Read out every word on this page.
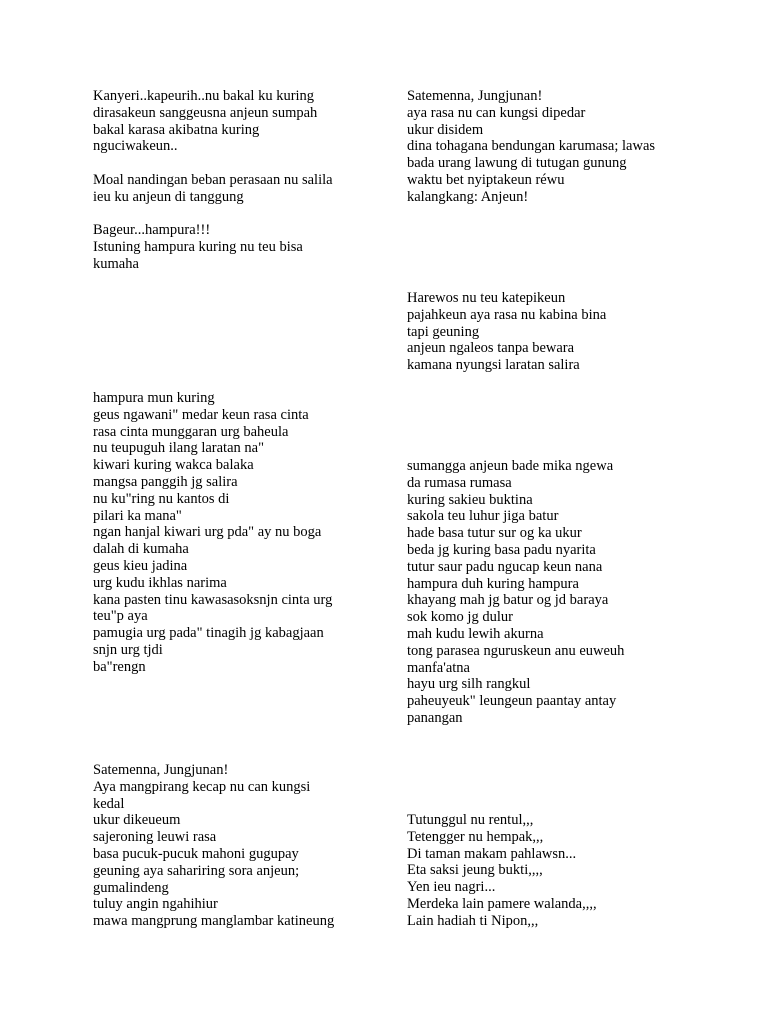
Kanyeri..kapeurih..nu bakal ku kuring
dirasakeun sanggeusna anjeun sumpah
bakal karasa akibatna kuring
nguciwakeun..

Moal nandingan beban perasaan nu salila
ieu ku anjeun di tanggung

Bageur...hampura!!!
Istuning hampura kuring nu teu bisa
kumaha

hampura mun kuring
geus ngawani" medar keun rasa cinta
rasa cinta munggaran urg baheula
nu teupuguh ilang laratan na"
kiwari kuring wakca balaka
mangsa panggih jg salira
nu ku"ring nu kantos di
pilari ka mana"
ngan hanjal kiwari urg pda" ay nu boga
dalah di kumaha
geus kieu jadina
urg kudu ikhlas narima
kana pasten tinu kawasasoksnjn cinta urg
teu"p aya
pamugia urg pada" tinagih jg kabagjaan
snjn urg tjdi
ba"rengn

Satemenna, Jungjunan!
Aya mangpirang kecap nu can kungsi
kedal
ukur dikeueum
sajeroning leuwi rasa
basa pucuk-pucuk mahoni gugupay
geuning aya sahariring sora anjeun;
gumalindeng
tuluy angin ngahihiur
mawa mangprung manglambar katineung

Satemenna, Jungjunan!
aya rasa nu can kungsi dipedar
ukur disidem
dina tohagana bendungan karumasa; lawas
bada urang lawung di tutugan gunung
waktu bet nyiptakeun réwu
kalangkang: Anjeun!

Harewos nu teu katepikeun
pajahkeun aya rasa nu kabina bina
tapi geuning
anjeun ngaleos tanpa bewara
kamana nyungsi laratan salira

sumangga anjeun bade mika ngewa
da rumasa rumasa
kuring sakieu buktina
sakola teu luhur jiga batur
hade basa tutur sur og ka ukur
beda jg kuring basa padu nyarita
tutur saur padu ngucap keun nana
hampura duh kuring hampura
khayang mah jg batur og jd baraya
sok komo jg dulur
mah kudu lewih akurna
tong parasea nguruskeun anu euweuh
manfa'atna
hayu urg silh rangkul
paheuyeuk" leungeun paantay antay
panangan

Tutunggul nu rentul,,,
Tetengger nu hempak,,,
Di taman makam pahlawsn...
Eta saksi jeung bukti,,,,
Yen ieu nagri...
Merdeka lain pamere walanda,,,,
Lain hadiah ti Nipon,,,
